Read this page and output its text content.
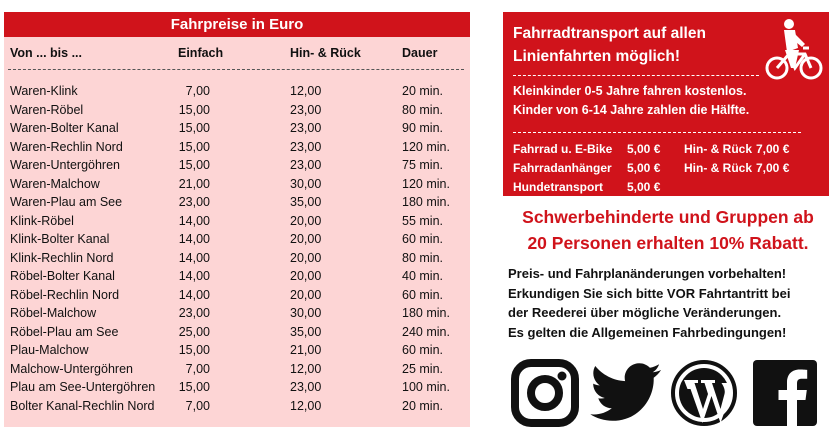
Fahrpreise in Euro
Von ... bis ...	Einfach	Hin- & Rück	Dauer
Waren-Klink	7,00	12,00	20 min.
Waren-Röbel	15,00	23,00	80 min.
Waren-Bolter Kanal	15,00	23,00	90 min.
Waren-Rechlin Nord	15,00	23,00	120 min.
Waren-Untergöhren	15,00	23,00	75 min.
Waren-Malchow	21,00	30,00	120 min.
Waren-Plau am See	23,00	35,00	180 min.
Klink-Röbel	14,00	20,00	55 min.
Klink-Bolter Kanal	14,00	20,00	60 min.
Klink-Rechlin Nord	14,00	20,00	80 min.
Röbel-Bolter Kanal	14,00	20,00	40 min.
Röbel-Rechlin Nord	14,00	20,00	60 min.
Röbel-Malchow	23,00	30,00	180 min.
Röbel-Plau am See	25,00	35,00	240 min.
Plau-Malchow	15,00	21,00	60 min.
Malchow-Untergöhren	7,00	12,00	25 min.
Plau am See-Untergöhren	15,00	23,00	100 min.
Bolter Kanal-Rechlin Nord	7,00	12,00	20 min.
Fahrradtransport auf allen
Linienfahrten möglich!
Kleinkinder 0-5 Jahre fahren kostenlos.
Kinder von 6-14 Jahre zahlen die Hälfte.
Fahrrad u. E-Bike 5,00 € Hin- & Rück 7,00 €
Fahrradanhänger 5,00 € Hin- & Rück 7,00 €
Hundetransport 5,00 €
Schwerbehinderte und Gruppen ab
20 Personen erhalten 10% Rabatt.
Preis- und Fahrplanänderungen vorbehalten!
Erkundigen Sie sich bitte VOR Fahrtantritt bei
der Reederei über mögliche Veränderungen.
Es gelten die Allgemeinen Fahrbedingungen!
